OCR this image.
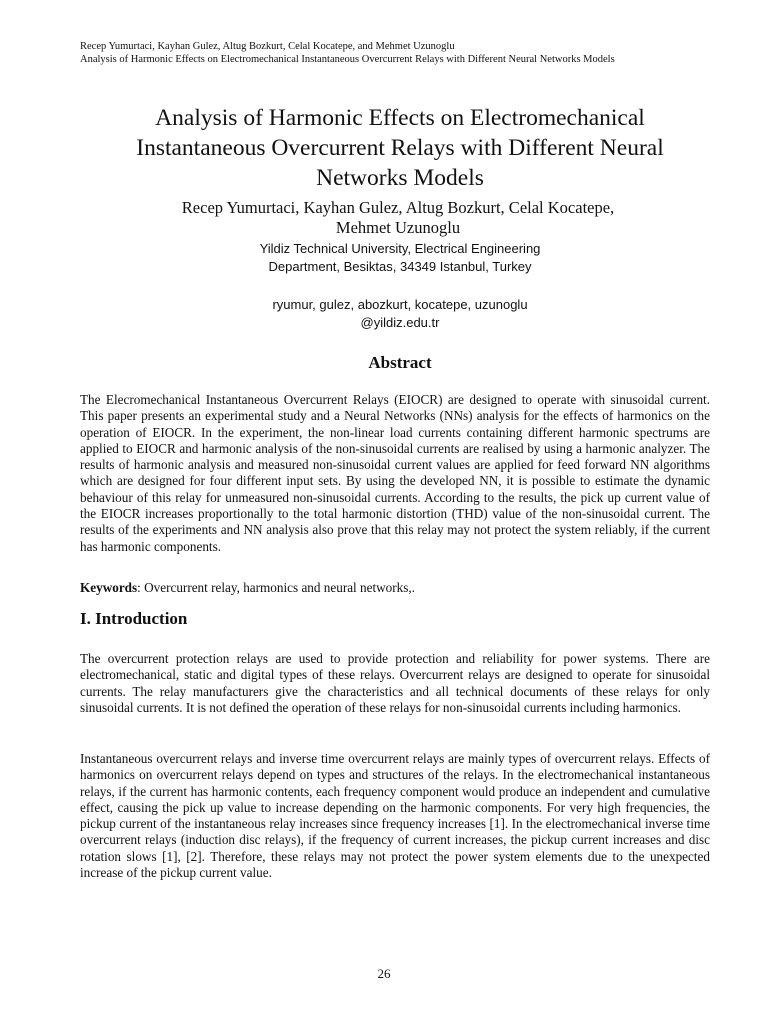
Recep Yumurtaci, Kayhan Gulez, Altug Bozkurt, Celal Kocatepe, and Mehmet Uzunoglu
Analysis of Harmonic Effects on Electromechanical Instantaneous Overcurrent Relays with Different Neural Networks Models
Analysis of Harmonic Effects on Electromechanical
Instantaneous Overcurrent Relays with Different Neural
Networks Models
Recep Yumurtaci, Kayhan Gulez, Altug Bozkurt, Celal Kocatepe,
Mehmet Uzunoglu
Yildiz Technical University, Electrical Engineering
Department, Besiktas, 34349 Istanbul, Turkey
ryumur, gulez, abozkurt, kocatepe, uzunoglu
@yildiz.edu.tr
Abstract

The Elecromechanical Instantaneous Overcurrent Relays (EIOCR) are designed to operate with sinusoidal current. This paper presents an experimental study and a Neural Networks (NNs) analysis for the effects of harmonics on the operation of EIOCR. In the experiment, the non-linear load currents containing different harmonic spectrums are applied to EIOCR and harmonic analysis of the non-sinusoidal currents are realised by using a harmonic analyzer. The results of harmonic analysis and measured non-sinusoidal current values are applied for feed forward NN algorithms which are designed for four different input sets. By using the developed NN, it is possible to estimate the dynamic behaviour of this relay for unmeasured non-sinusoidal currents. According to the results, the pick up current value of the EIOCR increases proportionally to the total harmonic distortion (THD) value of the non-sinusoidal current. The results of the experiments and NN analysis also prove that this relay may not protect the system reliably, if the current has harmonic components.

Keywords: Overcurrent relay, harmonics and neural networks,.

I. Introduction

The overcurrent protection relays are used to provide protection and reliability for power systems. There are electromechanical, static and digital types of these relays. Overcurrent relays are designed to operate for sinusoidal currents. The relay manufacturers give the characteristics and all technical documents of these relays for only sinusoidal currents. It is not defined the operation of these relays for non-sinusoidal currents including harmonics.

Instantaneous overcurrent relays and inverse time overcurrent relays are mainly types of overcurrent relays. Effects of harmonics on overcurrent relays depend on types and structures of the relays. In the electromechanical instantaneous relays, if the current has harmonic contents, each frequency component would produce an independent and cumulative effect, causing the pick up value to increase depending on the harmonic components. For very high frequencies, the pickup current of the instantaneous relay increases since frequency increases [1]. In the electromechanical inverse time overcurrent relays (induction disc relays), if the frequency of current increases, the pickup current increases and disc rotation slows [1], [2]. Therefore, these relays may not protect the power system elements due to the unexpected increase of the pickup current value.

26
